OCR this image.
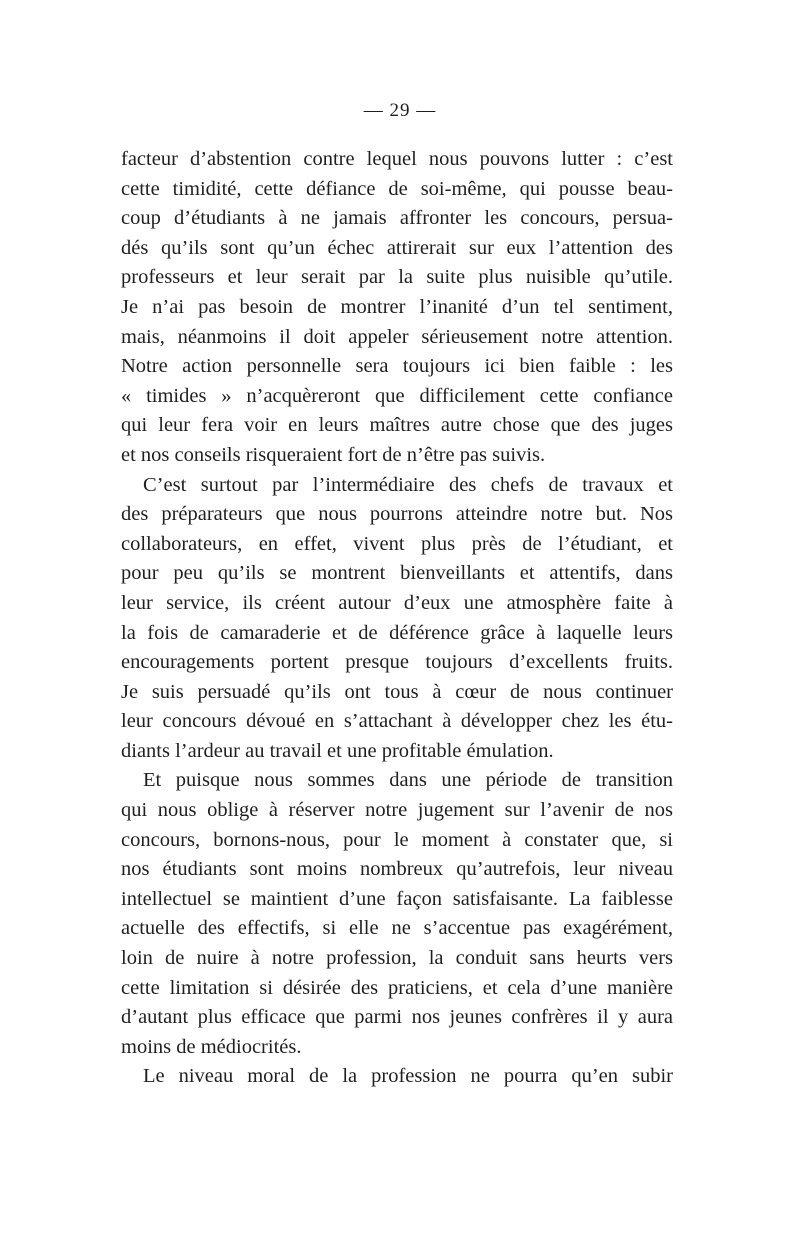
— 29 —
facteur d’abstention contre lequel nous pouvons lutter : c’est
cette timidité, cette défiance de soi-même, qui pousse beau-
coup d’étudiants à ne jamais affronter les concours, persua-
dés qu’ils sont qu’un échec attirerait sur eux l’attention des
professeurs et leur serait par la suite plus nuisible qu’utile.
Je n’ai pas besoin de montrer l’inanité d’un tel sentiment,
mais, néanmoins il doit appeler sérieusement notre attention.
Notre action personnelle sera toujours ici bien faible : les
« timides » n’acquèreront que difficilement cette confiance
qui leur fera voir en leurs maîtres autre chose que des juges
et nos conseils risqueraient fort de n’être pas suivis.
C’est surtout par l’intermédiaire des chefs de travaux et
des préparateurs que nous pourrons atteindre notre but. Nos
collaborateurs, en effet, vivent plus près de l’étudiant, et
pour peu qu’ils se montrent bienveillants et attentifs, dans
leur service, ils créent autour d’eux une atmosphère faite à
la fois de camaraderie et de déférence grâce à laquelle leurs
encouragements portent presque toujours d’excellents fruits.
Je suis persuadé qu’ils ont tous à cœur de nous continuer
leur concours dévoué en s’attachant à développer chez les étu-
diants l’ardeur au travail et une profitable émulation.
Et puisque nous sommes dans une période de transition
qui nous oblige à réserver notre jugement sur l’avenir de nos
concours, bornons-nous, pour le moment à constater que, si
nos étudiants sont moins nombreux qu’autrefois, leur niveau
intellectuel se maintient d’une façon satisfaisante. La faiblesse
actuelle des effectifs, si elle ne s’accentue pas exagérément,
loin de nuire à notre profession, la conduit sans heurts vers
cette limitation si désirée des praticiens, et cela d’une manière
d’autant plus efficace que parmi nos jeunes confrères il y aura
moins de médiocrités.
Le niveau moral de la profession ne pourra qu’en subir
